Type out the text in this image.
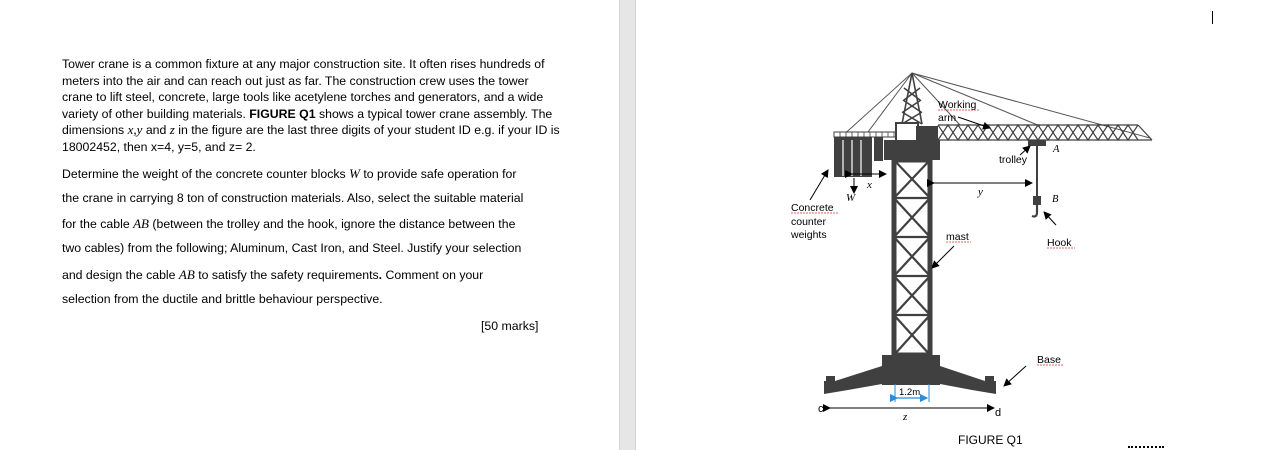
Tower crane is a common fixture at any major construction site. It often rises hundreds of meters into the air and can reach out just as far. The construction crew uses the tower crane to lift steel, concrete, large tools like acetylene torches and generators, and a wide variety of other building materials. FIGURE Q1 shows a typical tower crane assembly. The dimensions x,y and z in the figure are the last three digits of your student ID e.g. if your ID is 18002452, then x=4, y=5, and z= 2.

Determine the weight of the concrete counter blocks W to provide safe operation for
the crane in carrying 8 ton of construction materials. Also, select the suitable material
for the cable AB (between the trolley and the hook, ignore the distance between the
two cables) from the following; Aluminum, Cast Iron, and Steel. Justify your selection
and design the cable AB to satisfy the safety requirements. Comment on your
selection from the ductile and brittle behaviour perspective.
[50 marks]
Working
arm
trolley
A
B
Concrete
counter
weights
W
x
y
mast	Hook
Base
1.2m
c	d
z
FIGURE Q1
